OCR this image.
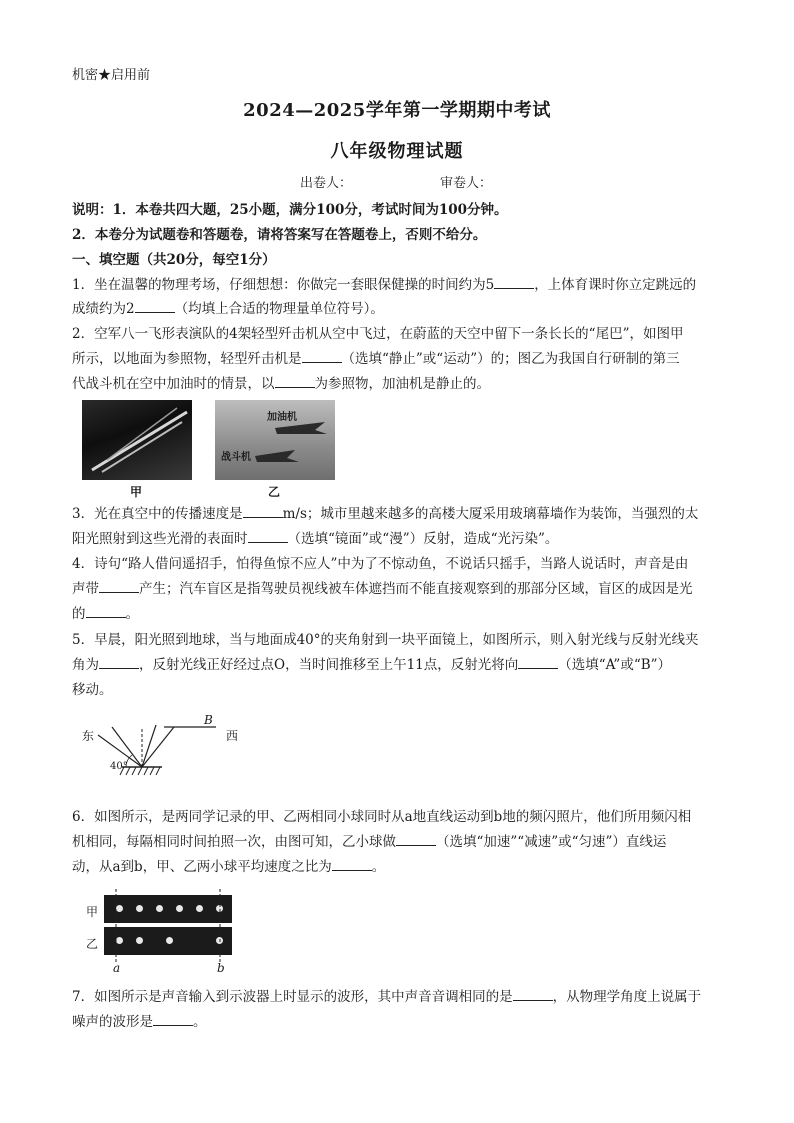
机密★启用前
2024—2025学年第一学期期中考试
八年级物理试题
出卷人：	审卷人：
说明：1．本卷共四大题，25小题，满分100分，考试时间为100分钟。
2．本卷分为试题卷和答题卷，请将答案写在答题卷上，否则不给分。
一、填空题（共20分，每空1分）
1．坐在温馨的物理考场，仔细想想：你做完一套眼保健操的时间约为5	，上体育课时你立定跳远的
成绩约为2	（均填上合适的物理量单位符号）。
2．空军八一飞形表演队的4架轻型歼击机从空中飞过，在蔚蓝的天空中留下一条长长的“尾巴”，如图甲
所示，以地面为参照物，轻型歼击机是	（选填“静止”或“运动”）的；图乙为我国自行研制的第三
代战斗机在空中加油时的情景，以	为参照物，加油机是静止的。
甲
加油机
战斗机
乙
3．光在真空中的传播速度是	m/s；城市里越来越多的高楼大厦采用玻璃幕墙作为装饰，当强烈的太
阳光照射到这些光滑的表面时	（选填“镜面”或“漫”）反射，造成“光污染”。
4．诗句“路人借问遥招手，怕得鱼惊不应人”中为了不惊动鱼，不说话只摇手，当路人说话时，声音是由
声带	产生；汽车盲区是指驾驶员视线被车体遮挡而不能直接观察到的那部分区域，盲区的成因是光
的	。
5．早晨，阳光照到地球，当与地面成40°的夹角射到一块平面镜上，如图所示，则入射光线与反射光线夹
角为	，反射光线正好经过点O，当时间推移至上午11点，反射光将向	（选填“A”或“B”）
移动。
东	西
B
40°
6．如图所示，是两同学记录的甲、乙两相同小球同时从a地直线运动到b地的频闪照片，他们所用频闪相
机相同，每隔相同时间拍照一次，由图可知，乙小球做	（选填“加速”“减速”或“匀速”）直线运
动，从a到b，甲、乙两小球平均速度之比为	。
甲
乙
a	b
7．如图所示是声音输入到示波器上时显示的波形，其中声音音调相同的是	，从物理学角度上说属于
噪声的波形是	。
